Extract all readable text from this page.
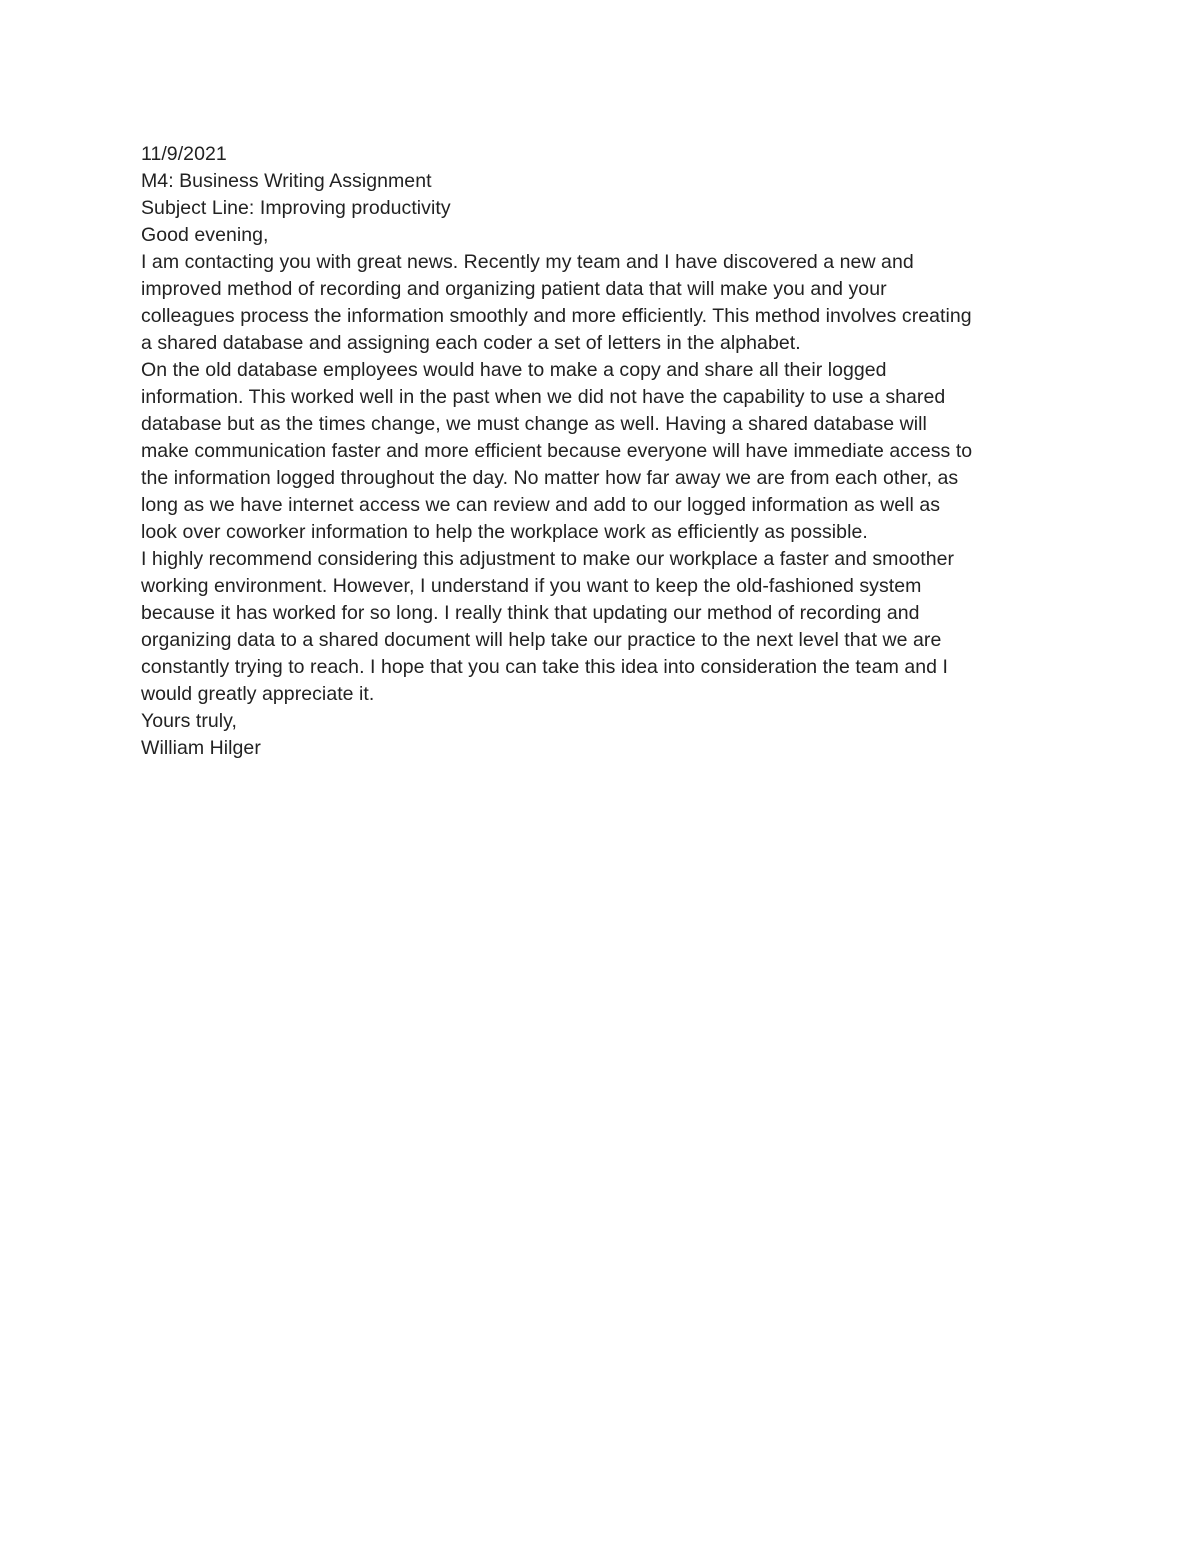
11/9/2021

M4: Business Writing Assignment

Subject Line: Improving productivity

Good evening,

I am contacting you with great news. Recently my team and I have discovered a new and
improved method of recording and organizing patient data that will make you and your
colleagues process the information smoothly and more efficiently. This method involves creating
a shared database and assigning each coder a set of letters in the alphabet.

On the old database employees would have to make a copy and share all their logged
information. This worked well in the past when we did not have the capability to use a shared
database but as the times change, we must change as well. Having a shared database will
make communication faster and more efficient because everyone will have immediate access to
the information logged throughout the day. No matter how far away we are from each other, as
long as we have internet access we can review and add to our logged information as well as
look over coworker information to help the workplace work as efficiently as possible.

I highly recommend considering this adjustment to make our workplace a faster and smoother
working environment. However, I understand if you want to keep the old-fashioned system
because it has worked for so long. I really think that updating our method of recording and
organizing data to a shared document will help take our practice to the next level that we are
constantly trying to reach. I hope that you can take this idea into consideration the team and I
would greatly appreciate it.

Yours truly,

William Hilger
